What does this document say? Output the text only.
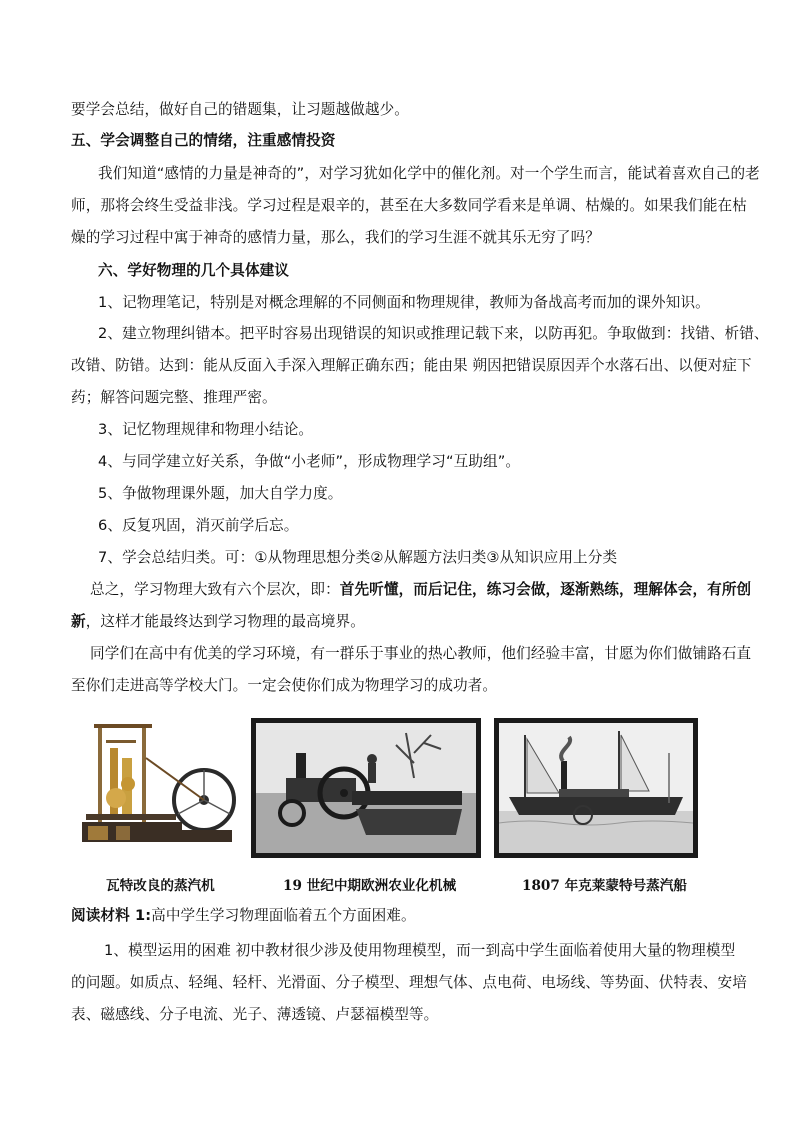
要学会总结，做好自己的错题集，让习题越做越少。
五、学会调整自己的情绪，注重感情投资
我们知道“感情的力量是神奇的”，对学习犹如化学中的催化剂。对一个学生而言，能试着喜欢自己的老
师，那将会终生受益非浅。学习过程是艰辛的，甚至在大多数同学看来是单调、枯燥的。如果我们能在枯
燥的学习过程中寓于神奇的感情力量，那么，我们的学习生涯不就其乐无穷了吗？
六、学好物理的几个具体建议
1、记物理笔记，特别是对概念理解的不同侧面和物理规律，教师为备战高考而加的课外知识。
2、建立物理纠错本。把平时容易出现错误的知识或推理记载下来，以防再犯。争取做到：找错、析错、
改错、防错。达到：能从反面入手深入理解正确东西；能由果 朔因把错误原因弄个水落石出、以便对症下
药；解答问题完整、推理严密。
3、记忆物理规律和物理小结论。
4、与同学建立好关系，争做“小老师”，形成物理学习“互助组”。
5、争做物理课外题，加大自学力度。
6、反复巩固，消灭前学后忘。
7、学会总结归类。可：①从物理思想分类②从解题方法归类③从知识应用上分类
总之，学习物理大致有六个层次，即：首先听懂，而后记住，练习会做，逐渐熟练，理解体会，有所创
新，这样才能最终达到学习物理的最高境界。
同学们在高中有优美的学习环境，有一群乐于事业的热心教师，他们经验丰富，甘愿为你们做铺路石直
至你们走进高等学校大门。一定会使你们成为物理学习的成功者。
瓦特改良的蒸汽机	19 世纪中期欧洲农业化机械	1807 年克莱蒙特号蒸汽船
阅读材料 1:高中学生学习物理面临着五个方面困难。
1、模型运用的困难 初中教材很少涉及使用物理模型，而一到高中学生面临着使用大量的物理模型
的问题。如质点、轻绳、轻杆、光滑面、分子模型、理想气体、点电荷、电场线、等势面、伏特表、安培
表、磁感线、分子电流、光子、薄透镜、卢瑟福模型等。
